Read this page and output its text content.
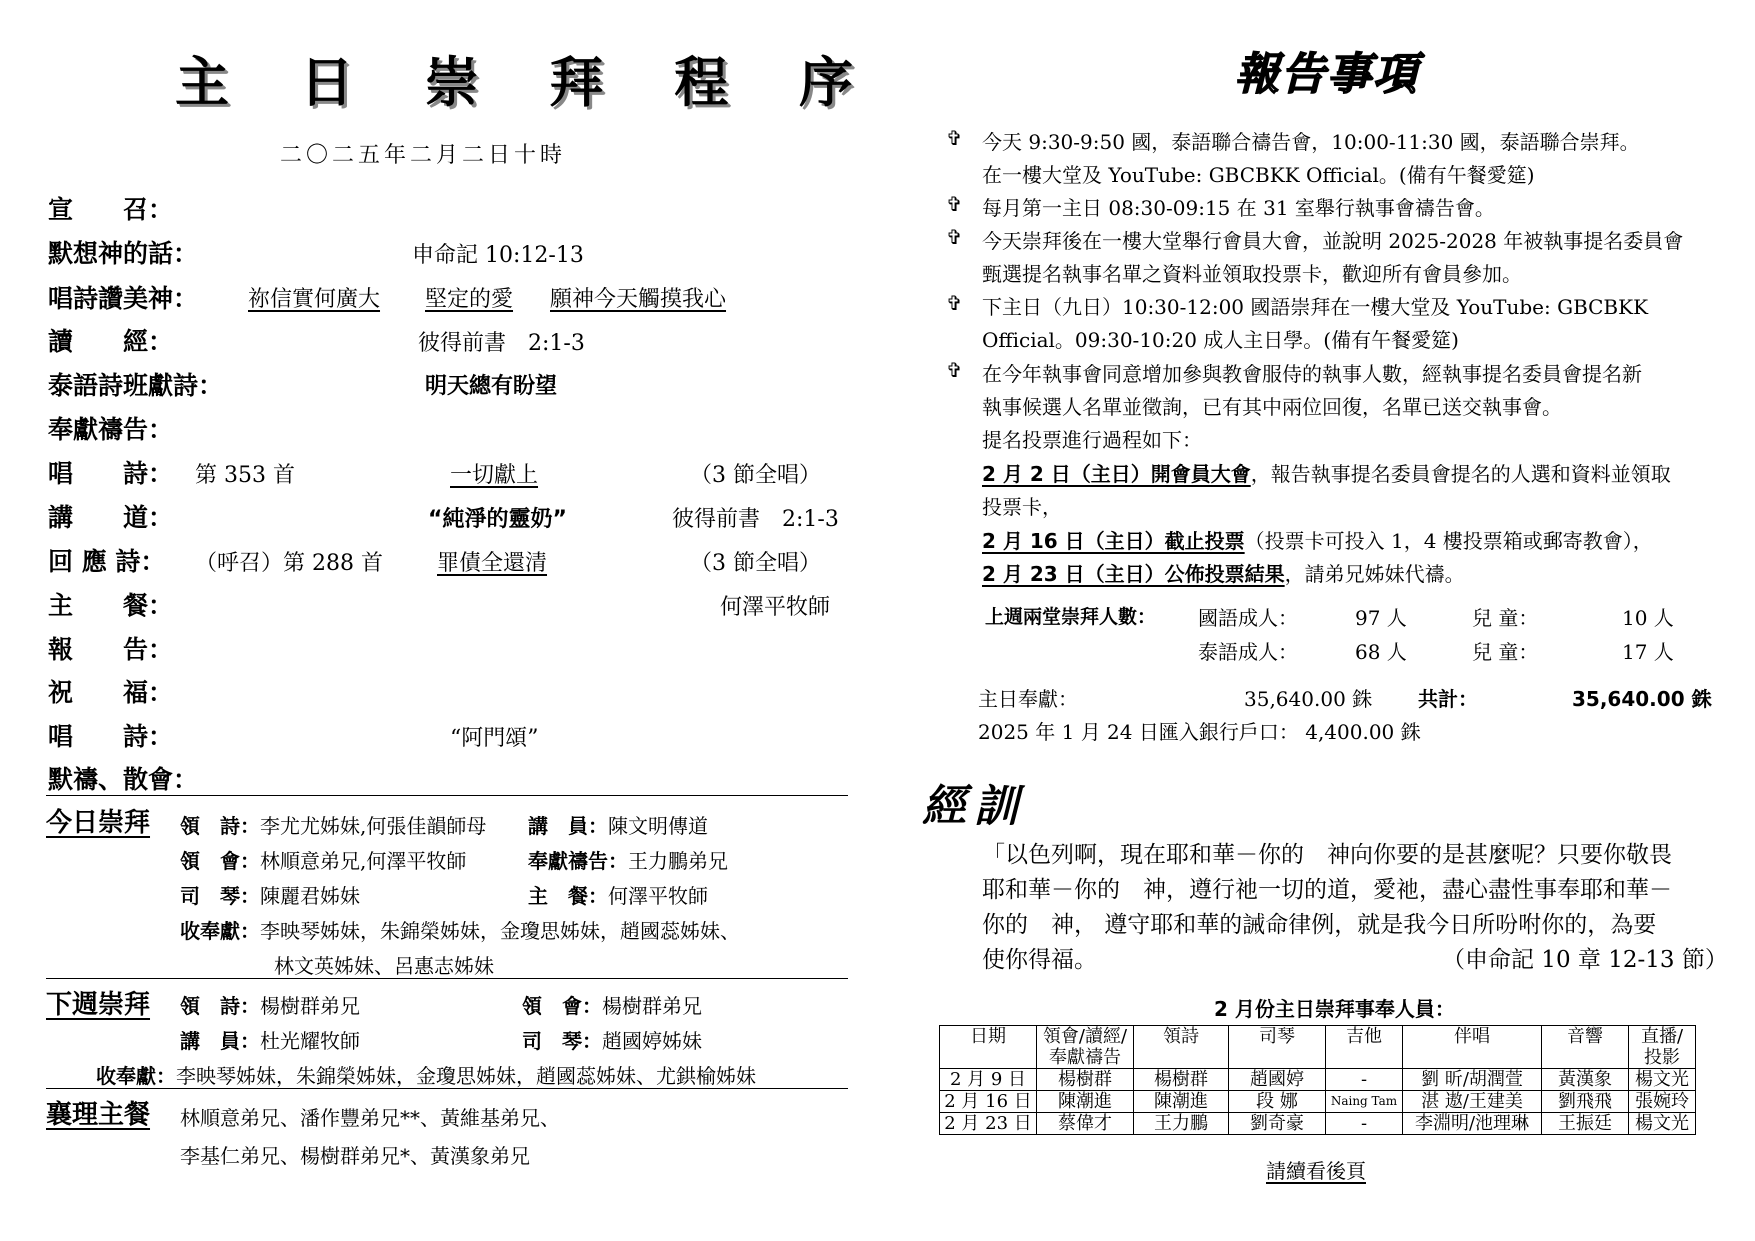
主 日 崇 拜 程 序
二〇二五年二月二日十時
宣　　召：
默想神的話：	申命記 10:12-13
唱詩讚美神： 祢信實何廣大 堅定的愛 願神今天觸摸我心
讀　　經：	彼得前書　2:1-3
泰語詩班獻詩：	明天總有盼望
奉獻禱告：
唱　　詩： 第 353 首	一切獻上	（3 節全唱）
講　　道：	“純淨的靈奶”	彼得前書　2:1-3
回 應 詩： （呼召）第 288 首 罪債全還清	（3 節全唱）
主　　餐：	何澤平牧師
報　　告：
祝　　福：
唱　　詩：	“阿門頌”
默禱、散會：
今日崇拜 領　詩：李尤尤姊妹,何張佳韻師母 講　員：陳文明傳道
領　會：林順意弟兄,何澤平牧師	奉獻禱告：王力鵬弟兄
司　琴：陳麗君姊妹	主　餐：何澤平牧師
收奉獻：李映琴姊妹，朱錦榮姊妹，金瓊思姊妹，趙國蕊姊妹、
林文英姊妹、呂惠志姊妹
下週崇拜 領　詩：楊樹群弟兄	領　會：楊樹群弟兄
講　員：杜光耀牧師	司　琴：趙國婷姊妹
收奉獻：李映琴姊妹，朱錦榮姊妹，金瓊思姊妹，趙國蕊姊妹、尤鉷榆姊妹
襄理主餐 林順意弟兄、潘作豐弟兄**、黃維基弟兄、
李基仁弟兄、楊樹群弟兄*、黃漢象弟兄
報告事項
✞ 今天 9:30-9:50 國，泰語聯合禱告會，10:00-11:30 國，泰語聯合崇拜。
在一樓大堂及 YouTube: GBCBKK Official。(備有午餐愛筵)
✞ 每月第一主日 08:30-09:15 在 31 室舉行執事會禱告會。
✞ 今天崇拜後在一樓大堂舉行會員大會，並說明 2025-2028 年被執事提名委員會
甄選提名執事名單之資料並領取投票卡，歡迎所有會員參加。
✞ 下主日（九日）10:30-12:00 國語崇拜在一樓大堂及 YouTube: GBCBKK
Official。09:30-10:20 成人主日學。(備有午餐愛筵)
✞ 在今年執事會同意增加參與教會服侍的執事人數，經執事提名委員會提名新
執事候選人名單並徵詢，已有其中兩位回復，名單已送交執事會。
提名投票進行過程如下：
2 月 2 日（主日）開會員大會，報告執事提名委員會提名的人選和資料並領取
投票卡，
2 月 16 日（主日）截止投票（投票卡可投入 1，4 樓投票箱或郵寄教會），
2 月 23 日（主日）公佈投票結果，請弟兄姊妹代禱。
上週兩堂崇拜人數： 國語成人：	97 人	兒 童：	10 人
泰語成人：	68 人	兒 童：	17 人
主日奉獻：	35,640.00 銖 共計：	35,640.00 銖
2025 年 1 月 24 日匯入銀行戶口： 4,400.00 銖
經訓
「以色列啊，現在耶和華－你的　神向你要的是甚麼呢？只要你敬畏
耶和華－你的　神，遵行祂一切的道，愛祂，盡心盡性事奉耶和華－
你的　神， 遵守耶和華的誡命律例，就是我今日所吩咐你的，為要
使你得福。	（申命記 10 章 12-13 節）
2 月份主日崇拜事奉人員：
日期	領會/讀經/
奉獻禱告	領詩	司琴	吉他	伴唱	音響	直播/
投影
2 月 9 日	楊樹群	楊樹群	趙國婷	-	劉 昕/胡潤萱	黃漢象	楊文光
2 月 16 日	陳潮進	陳潮進	段 娜	Naing Tam	湛 遨/王建美	劉飛飛	張婉玲
2 月 23 日	蔡偉才	王力鵬	劉奇豪	-	李淵明/池理琳	王振廷	楊文光
請續看後頁
